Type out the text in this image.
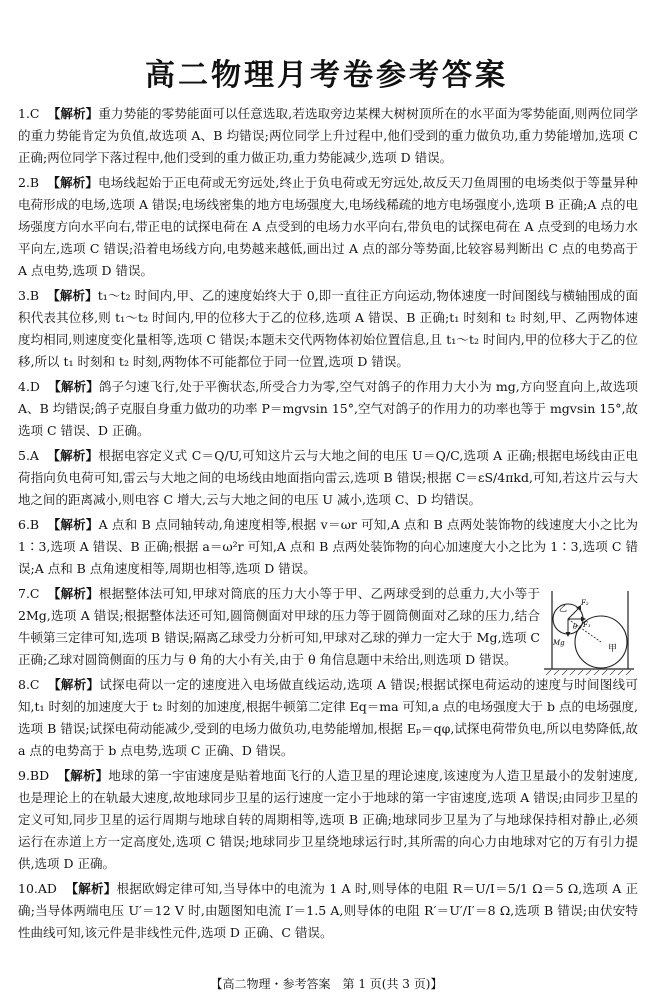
高二物理月考卷参考答案

1.C 【解析】重力势能的零势能面可以任意选取,若选取旁边某棵大树树顶所在的水平面为零势能面,则两位同学的重力势能肯定为负值,故选项 A、B 均错误;两位同学上升过程中,他们受到的重力做负功,重力势能增加,选项 C 正确;两位同学下落过程中,他们受到的重力做正功,重力势能减少,选项 D 错误。

2.B 【解析】电场线起始于正电荷或无穷远处,终止于负电荷或无穷远处,故反天刀鱼周围的电场类似于等量异种电荷形成的电场,选项 A 错误;电场线密集的地方电场强度大,电场线稀疏的地方电场强度小,选项 B 正确;A 点的电场强度方向水平向右,带正电的试探电荷在 A 点受到的电场力水平向右,带负电的试探电荷在 A 点受到的电场力水平向左,选项 C 错误;沿着电场线方向,电势越来越低,画出过 A 点的部分等势面,比较容易判断出 C 点的电势高于 A 点电势,选项 D 错误。

3.B 【解析】t₁～t₂ 时间内,甲、乙的速度始终大于 0,即一直往正方向运动,物体速度一时间图线与横轴围成的面积代表其位移,则 t₁～t₂ 时间内,甲的位移大于乙的位移,选项 A 错误、B 正确;t₁ 时刻和 t₂ 时刻,甲、乙两物体速度均相同,则速度变化量相等,选项 C 错误;本题未交代两物体初始位置信息,且 t₁～t₂ 时间内,甲的位移大于乙的位移,所以 t₁ 时刻和 t₂ 时刻,两物体不可能都位于同一位置,选项 D 错误。

4.D 【解析】鸽子匀速飞行,处于平衡状态,所受合力为零,空气对鸽子的作用力大小为 mg,方向竖直向上,故选项 A、B 均错误;鸽子克服自身重力做功的功率 P＝mgvsin 15°,空气对鸽子的作用力的功率也等于 mgvsin 15°,故选项 C 错误、D 正确。

5.A 【解析】根据电容定义式 C＝Q/U,可知这片云与大地之间的电压 U＝Q/C,选项 A 正确;根据电场线由正电荷指向负电荷可知,雷云与大地之间的电场线由地面指向雷云,选项 B 错误;根据 C＝εS/4πkd,可知,若这片云与大地之间的距离减小,则电容 C 增大,云与大地之间的电压 U 减小,选项 C、D 均错误。

6.B 【解析】A 点和 B 点同轴转动,角速度相等,根据 v＝ωr 可知,A 点和 B 点两处装饰物的线速度大小之比为 1∶3,选项 A 错误、B 正确;根据 a＝ω²r 可知,A 点和 B 点两处装饰物的向心加速度大小之比为 1∶3,选项 C 错误;A 点和 B 点角速度相等,周期也相等,选项 D 错误。

7.C 【解析】根据整体法可知,甲球对筒底的压力大小等于甲、乙两球受到的总重力,大小等于 2Mg,选项 A 错误;根据整体法还可知,圆筒侧面对甲球的压力等于圆筒侧面对乙球的压力,结合牛顿第三定律可知,选项 B 错误;隔离乙球受力分析可知,甲球对乙球的弹力一定大于 Mg,选项 C 正确;乙球对圆筒侧面的压力与 θ 角的大小有关,由于 θ 角信息题中未给出,则选项 D 错误。

乙
甲
Mg
θ F₁
F₂

8.C 【解析】试探电荷以一定的速度进入电场做直线运动,选项 A 错误;根据试探电荷运动的速度与时间图线可知,t₁ 时刻的加速度大于 t₂ 时刻的加速度,根据牛顿第二定律 Eq＝ma 可知,a 点的电场强度大于 b 点的电场强度,选项 B 错误;试探电荷动能减少,受到的电场力做负功,电势能增加,根据 Eₚ＝qφ,试探电荷带负电,所以电势降低,故 a 点的电势高于 b 点电势,选项 C 正确、D 错误。

9.BD 【解析】地球的第一宇宙速度是贴着地面飞行的人造卫星的理论速度,该速度为人造卫星最小的发射速度,也是理论上的在轨最大速度,故地球同步卫星的运行速度一定小于地球的第一宇宙速度,选项 A 错误;由同步卫星的定义可知,同步卫星的运行周期与地球自转的周期相等,选项 B 正确;地球同步卫星为了与地球保持相对静止,必须运行在赤道上方一定高度处,选项 C 错误;地球同步卫星绕地球运行时,其所需的向心力由地球对它的万有引力提供,选项 D 正确。

10.AD 【解析】根据欧姆定律可知,当导体中的电流为 1 A 时,则导体的电阻 R＝U/I＝5/1 Ω＝5 Ω,选项 A 正确;当导体两端电压 U′＝12 V 时,由题图知电流 I′＝1.5 A,则导体的电阻 R′＝U′/I′＝8 Ω,选项 B 错误;由伏安特性曲线可知,该元件是非线性元件,选项 D 正确、C 错误。

【高二物理・参考答案　第 1 页(共 3 页)】
